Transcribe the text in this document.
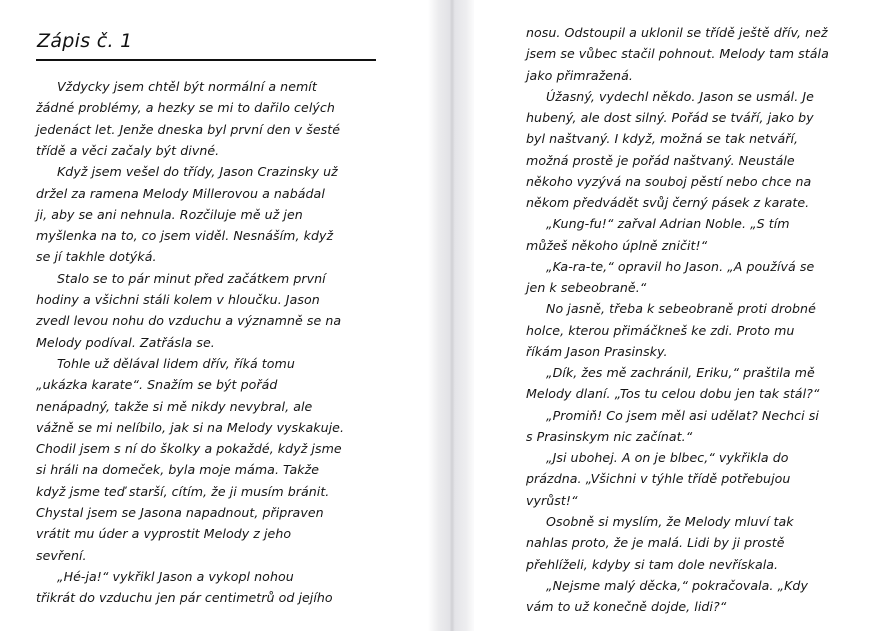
Zápis č. 1
Vždycky jsem chtěl být normální a nemít
žádné problémy, a hezky se mi to dařilo celých
jedenáct let. Jenže dneska byl první den v šesté
třídě a věci začaly být divné.
Když jsem vešel do třídy, Jason Crazinsky už
držel za ramena Melody Millerovou a nabádal
ji, aby se ani nehnula. Rozčiluje mě už jen
myšlenka na to, co jsem viděl. Nesnáším, když
se jí takhle dotýká.
Stalo se to pár minut před začátkem první
hodiny a všichni stáli kolem v hloučku. Jason
zvedl levou nohu do vzduchu a významně se na
Melody podíval. Zatřásla se.
Tohle už dělával lidem dřív, říká tomu
„ukázka karate“. Snažím se být pořád
nenápadný, takže si mě nikdy nevybral, ale
vážně se mi nelíbilo, jak si na Melody vyskakuje.
Chodil jsem s ní do školky a pokaždé, když jsme
si hráli na domeček, byla moje máma. Takže
když jsme teď starší, cítím, že ji musím bránit.
Chystal jsem se Jasona napadnout, připraven
vrátit mu úder a vyprostit Melody z jeho
sevření.
„Hé-ja!“ vykřikl Jason a vykopl nohou
třikrát do vzduchu jen pár centimetrů od jejího
nosu. Odstoupil a uklonil se třídě ještě dřív, než
jsem se vůbec stačil pohnout. Melody tam stála
jako přimražená.
Úžasný, vydechl někdo. Jason se usmál. Je
hubený, ale dost silný. Pořád se tváří, jako by
byl naštvaný. I když, možná se tak netváří,
možná prostě je pořád naštvaný. Neustále
někoho vyzývá na souboj pěstí nebo chce na
někom předvádět svůj černý pásek z karate.
„Kung-fu!“ zařval Adrian Noble. „S tím
můžeš někoho úplně zničit!“
„Ka-ra-te,“ opravil ho Jason. „A používá se
jen k sebeobraně.“
No jasně, třeba k sebeobraně proti drobné
holce, kterou přimáčkneš ke zdi. Proto mu
říkám Jason Prasinsky.
„Dík, žes mě zachránil, Eriku,“ praštila mě
Melody dlaní. „Tos tu celou dobu jen tak stál?“
„Promiň! Co jsem měl asi udělat? Nechci si
s Prasinskym nic začínat.“
„Jsi ubohej. A on je blbec,“ vykřikla do
prázdna. „Všichni v týhle třídě potřebujou
vyrůst!“
Osobně si myslím, že Melody mluví tak
nahlas proto, že je malá. Lidi by ji prostě
přehlíželi, kdyby si tam dole nevřískala.
„Nejsme malý děcka,“ pokračovala. „Kdy
vám to už konečně dojde, lidi?“
